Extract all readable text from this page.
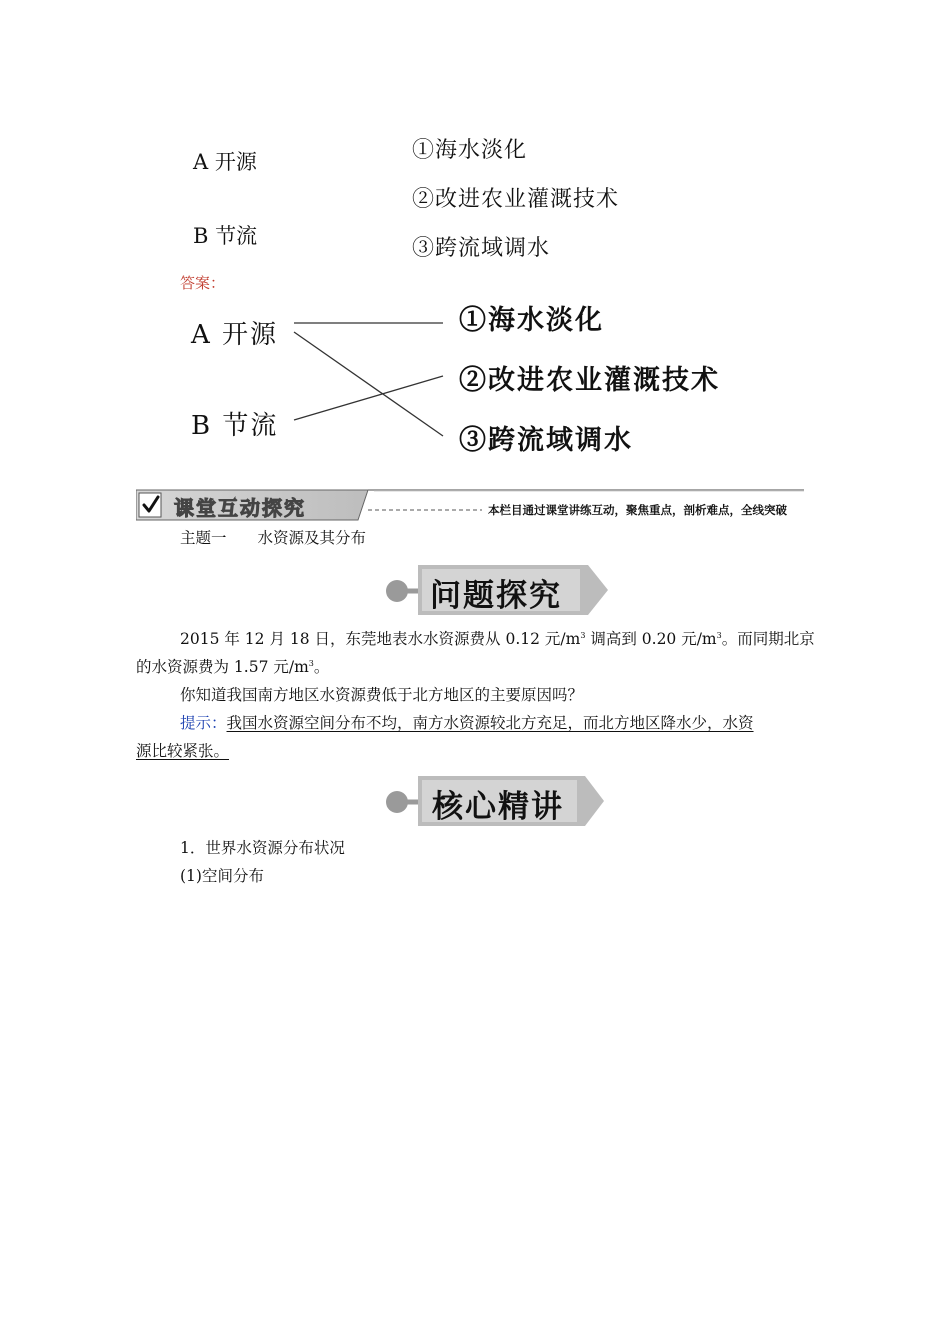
A 开源
B 节流
①海水淡化
②改进农业灌溉技术
③跨流域调水
答案：
A 开源
B 节流
①海水淡化
②改进农业灌溉技术
③跨流域调水
课堂互动探究	本栏目通过课堂讲练互动，聚焦重点，剖析难点，全线突破
主题一　　水资源及其分布
问题探究
2015 年 12 月 18 日，东莞地表水水资源费从 0.12 元$/m^3$ 调高到 0.20 元$/m^3$。而同期北京
的水资源费为 1.57 元$/m^3$。
你知道我国南方地区水资源费低于北方地区的主要原因吗？
提示：我国水资源空间分布不均，南方水资源较北方充足，而北方地区降水少，水资
源比较紧张。
核心精讲
1．世界水资源分布状况
(1)空间分布
